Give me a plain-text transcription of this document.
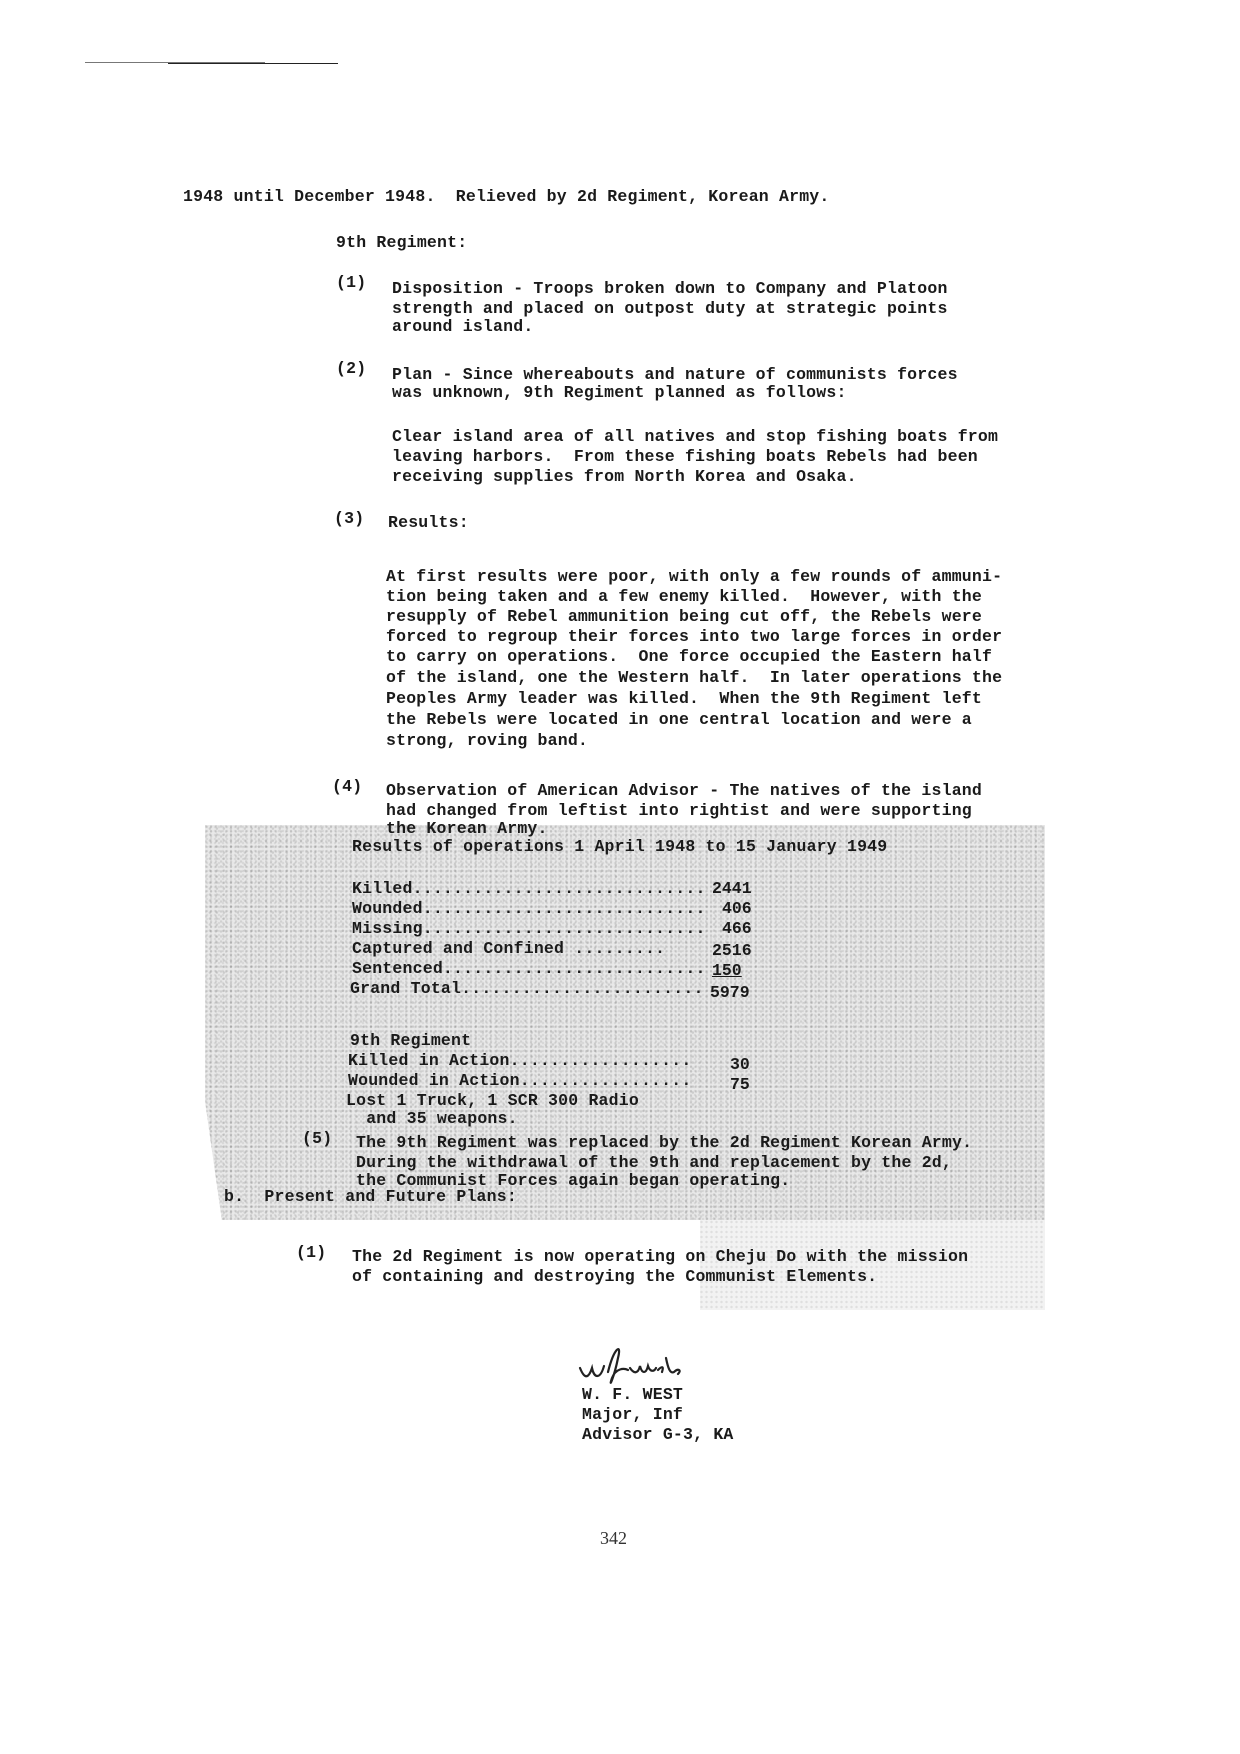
1948 until December 1948.  Relieved by 2d Regiment, Korean Army.
9th Regiment:
(1) Disposition - Troops broken down to Company and Platoon
strength and placed on outpost duty at strategic points
around island.
(2) Plan - Since whereabouts and nature of communists forces
was unknown, 9th Regiment planned as follows:
Clear island area of all natives and stop fishing boats from
leaving harbors.  From these fishing boats Rebels had been
receiving supplies from North Korea and Osaka.
(3) Results:
At first results were poor, with only a few rounds of ammuni-
tion being taken and a few enemy killed.  However, with the
resupply of Rebel ammunition being cut off, the Rebels were
forced to regroup their forces into two large forces in order
to carry on operations.  One force occupied the Eastern half
of the island, one the Western half.  In later operations the
Peoples Army leader was killed.  When the 9th Regiment left
the Rebels were located in one central location and were a
strong, roving band.
(4) Observation of American Advisor - The natives of the island
had changed from leftist into rightist and were supporting
the Korean Army.
Results of operations 1 April 1948 to 15 January 1949
Killed............................. 2441
Wounded............................ 406
Missing............................ 466
Captured and Confined .........	2516
Sentenced.......................... 150
Grand Total........................ 5979
9th Regiment
Killed in Action.................. 30
Wounded in Action................. 75
Lost 1 Truck, 1 SCR 300 Radio
and 35 weapons.
(5) The 9th Regiment was replaced by the 2d Regiment Korean Army.
During the withdrawal of the 9th and replacement by the 2d,
the Communist Forces again began operating.
b.  Present and Future Plans:
(1) The 2d Regiment is now operating on Cheju Do with the mission
of containing and destroying the Communist Elements.
W. F. WEST
Major, Inf
Advisor G-3, KA
342
